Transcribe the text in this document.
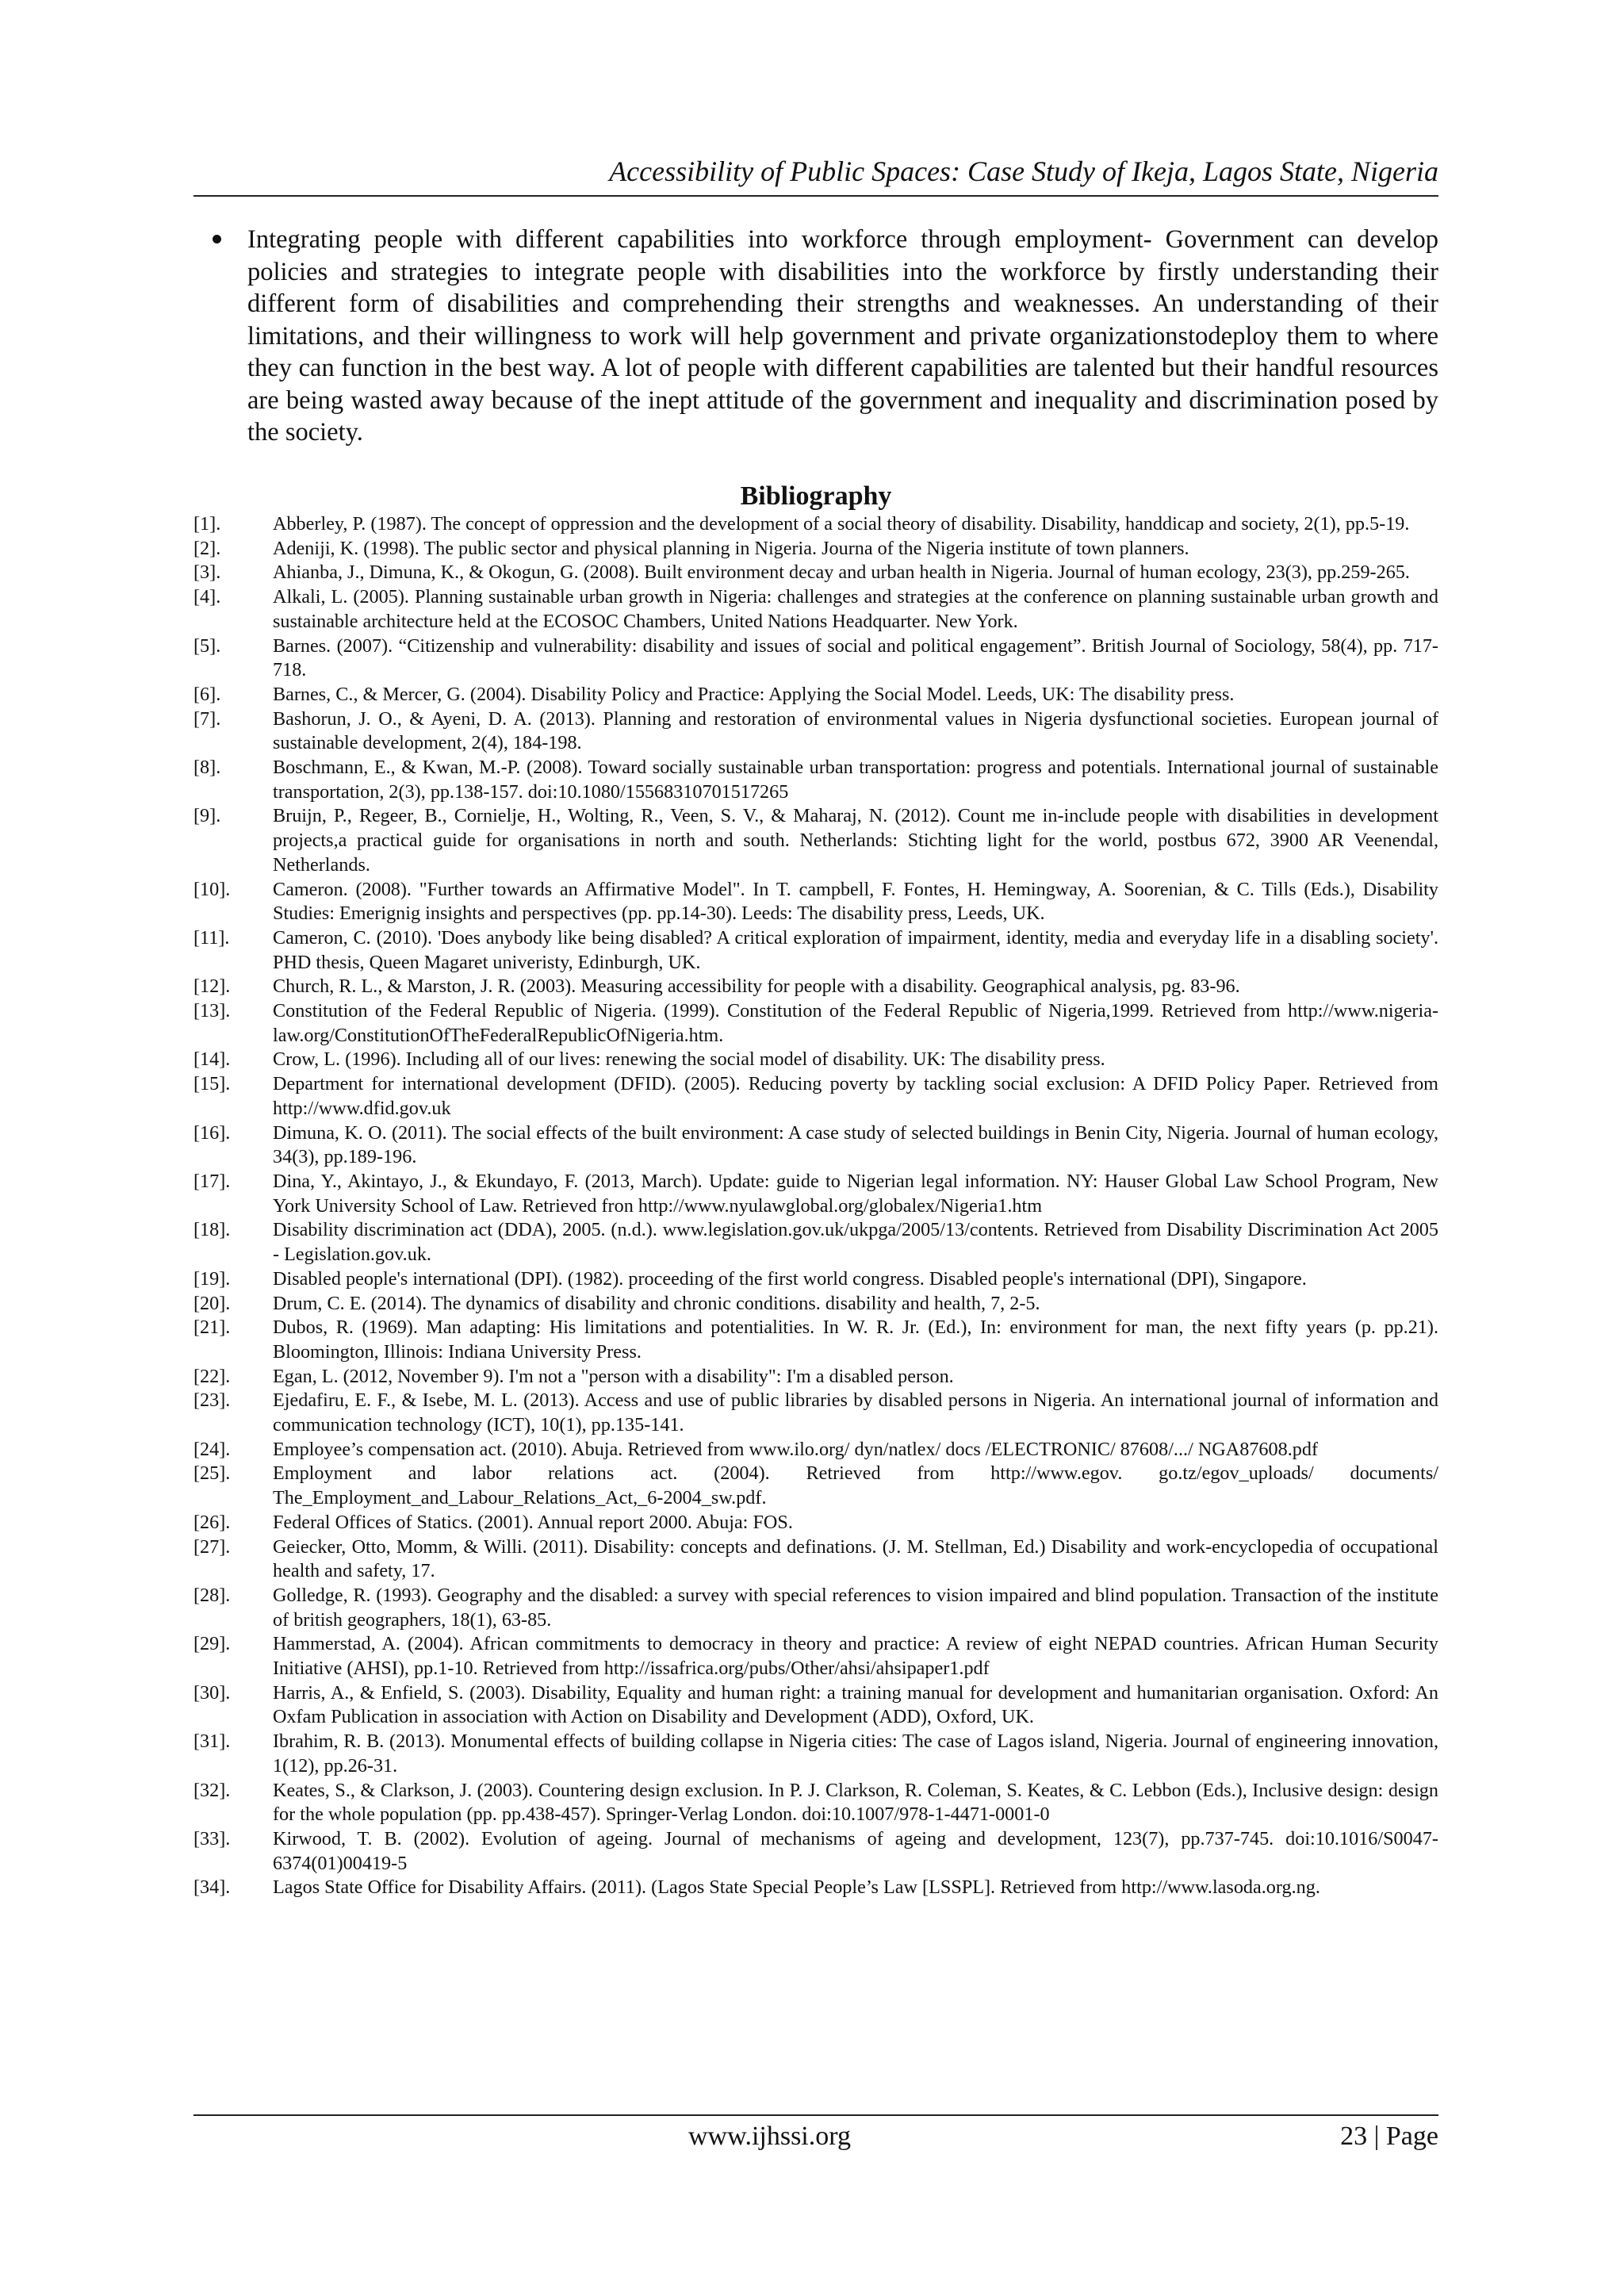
Accessibility of Public Spaces: Case Study of Ikeja, Lagos State, Nigeria

Integrating people with different capabilities into workforce through employment- Government can develop policies and strategies to integrate people with disabilities into the workforce by firstly understanding their different form of disabilities and comprehending their strengths and weaknesses. An understanding of their limitations, and their willingness to work will help government and private organizationstodeploy them to where they can function in the best way. A lot of people with different capabilities are talented but their handful resources are being wasted away because of the inept attitude of the government and inequality and discrimination posed by the society.

Bibliography
[1].	Abberley, P. (1987). The concept of oppression and the development of a social theory of disability. Disability, handdicap and society, 2(1), pp.5-19.
[2].	Adeniji, K. (1998). The public sector and physical planning in Nigeria. Journa of the Nigeria institute of town planners.
[3].	Ahianba, J., Dimuna, K., & Okogun, G. (2008). Built environment decay and urban health in Nigeria. Journal of human ecology, 23(3), pp.259-265.
[4].	Alkali, L. (2005). Planning sustainable urban growth in Nigeria: challenges and strategies at the conference on planning sustainable urban growth and sustainable architecture held at the ECOSOC Chambers, United Nations Headquarter. New York.
[5].	Barnes. (2007). “Citizenship and vulnerability: disability and issues of social and political engagement”. British Journal of Sociology, 58(4), pp. 717-718.
[6].	Barnes, C., & Mercer, G. (2004). Disability Policy and Practice: Applying the Social Model. Leeds, UK: The disability press.
[7].	Bashorun, J. O., & Ayeni, D. A. (2013). Planning and restoration of environmental values in Nigeria dysfunctional societies. European journal of sustainable development, 2(4), 184-198.
[8].	Boschmann, E., & Kwan, M.-P. (2008). Toward socially sustainable urban transportation: progress and potentials. International journal of sustainable transportation, 2(3), pp.138-157. doi:10.1080/15568310701517265
[9].	Bruijn, P., Regeer, B., Cornielje, H., Wolting, R., Veen, S. V., & Maharaj, N. (2012). Count me in-include people with disabilities in development projects,a practical guide for organisations in north and south. Netherlands: Stichting light for the world, postbus 672, 3900 AR Veenendal, Netherlands.
[10]. Cameron. (2008). "Further towards an Affirmative Model". In T. campbell, F. Fontes, H. Hemingway, A. Soorenian, & C. Tills (Eds.), Disability Studies: Emerignig insights and perspectives (pp. pp.14-30). Leeds: The disability press, Leeds, UK.
[11]. Cameron, C. (2010). 'Does anybody like being disabled? A critical exploration of impairment, identity, media and everyday life in a disabling society'. PHD thesis, Queen Magaret univeristy, Edinburgh, UK.
[12]. Church, R. L., & Marston, J. R. (2003). Measuring accessibility for people with a disability. Geographical analysis, pg. 83-96.
[13]. Constitution of the Federal Republic of Nigeria. (1999). Constitution of the Federal Republic of Nigeria,1999. Retrieved from http://www.nigeria-law.org/ConstitutionOfTheFederalRepublicOfNigeria.htm.
[14]. Crow, L. (1996). Including all of our lives: renewing the social model of disability. UK: The disability press.
[15]. Department for international development (DFID). (2005). Reducing poverty by tackling social exclusion: A DFID Policy Paper. Retrieved from http://www.dfid.gov.uk
[16]. Dimuna, K. O. (2011). The social effects of the built environment: A case study of selected buildings in Benin City, Nigeria. Journal of human ecology, 34(3), pp.189-196.
[17]. Dina, Y., Akintayo, J., & Ekundayo, F. (2013, March). Update: guide to Nigerian legal information. NY: Hauser Global Law School Program, New York University School of Law. Retrieved fron http://www.nyulawglobal.org/globalex/Nigeria1.htm
[18]. Disability discrimination act (DDA), 2005. (n.d.). www.legislation.gov.uk/ukpga/2005/13/contents. Retrieved from Disability Discrimination Act 2005 - Legislation.gov.uk.
[19]. Disabled people's international (DPI). (1982). proceeding of the first world congress. Disabled people's international (DPI), Singapore.
[20]. Drum, C. E. (2014). The dynamics of disability and chronic conditions. disability and health, 7, 2-5.
[21]. Dubos, R. (1969). Man adapting: His limitations and potentialities. In W. R. Jr. (Ed.), In: environment for man, the next fifty years (p. pp.21). Bloomington, Illinois: Indiana University Press.
[22]. Egan, L. (2012, November 9). I'm not a "person with a disability": I'm a disabled person.
[23]. Ejedafiru, E. F., & Isebe, M. L. (2013). Access and use of public libraries by disabled persons in Nigeria. An international journal of information and communication technology (ICT), 10(1), pp.135-141.
[24]. Employee’s compensation act. (2010). Abuja. Retrieved from www.ilo.org/ dyn/natlex/ docs /ELECTRONIC/ 87608/.../ NGA87608.pdf
[25]. Employment and labor relations act. (2004). Retrieved from http://www.egov. go.tz/egov_uploads/ documents/ The_Employment_and_Labour_Relations_Act,_6-2004_sw.pdf.
[26]. Federal Offices of Statics. (2001). Annual report 2000. Abuja: FOS.
[27]. Geiecker, Otto, Momm, & Willi. (2011). Disability: concepts and definations. (J. M. Stellman, Ed.) Disability and work-encyclopedia of occupational health and safety, 17.
[28]. Golledge, R. (1993). Geography and the disabled: a survey with special references to vision impaired and blind population. Transaction of the institute of british geographers, 18(1), 63-85.
[29]. Hammerstad, A. (2004). African commitments to democracy in theory and practice: A review of eight NEPAD countries. African Human Security Initiative (AHSI), pp.1-10. Retrieved from http://issafrica.org/pubs/Other/ahsi/ahsipaper1.pdf
[30]. Harris, A., & Enfield, S. (2003). Disability, Equality and human right: a training manual for development and humanitarian organisation. Oxford: An Oxfam Publication in association with Action on Disability and Development (ADD), Oxford, UK.
[31]. Ibrahim, R. B. (2013). Monumental effects of building collapse in Nigeria cities: The case of Lagos island, Nigeria. Journal of engineering innovation, 1(12), pp.26-31.
[32]. Keates, S., & Clarkson, J. (2003). Countering design exclusion. In P. J. Clarkson, R. Coleman, S. Keates, & C. Lebbon (Eds.), Inclusive design: design for the whole population (pp. pp.438-457). Springer-Verlag London. doi:10.1007/978-1-4471-0001-0
[33]. Kirwood, T. B. (2002). Evolution of ageing. Journal of mechanisms of ageing and development, 123(7), pp.737-745. doi:10.1016/S0047-6374(01)00419-5
[34]. Lagos State Office for Disability Affairs. (2011). (Lagos State Special People’s Law [LSSPL]. Retrieved from http://www.lasoda.org.ng.
www.ijhssi.org	23 | Page
